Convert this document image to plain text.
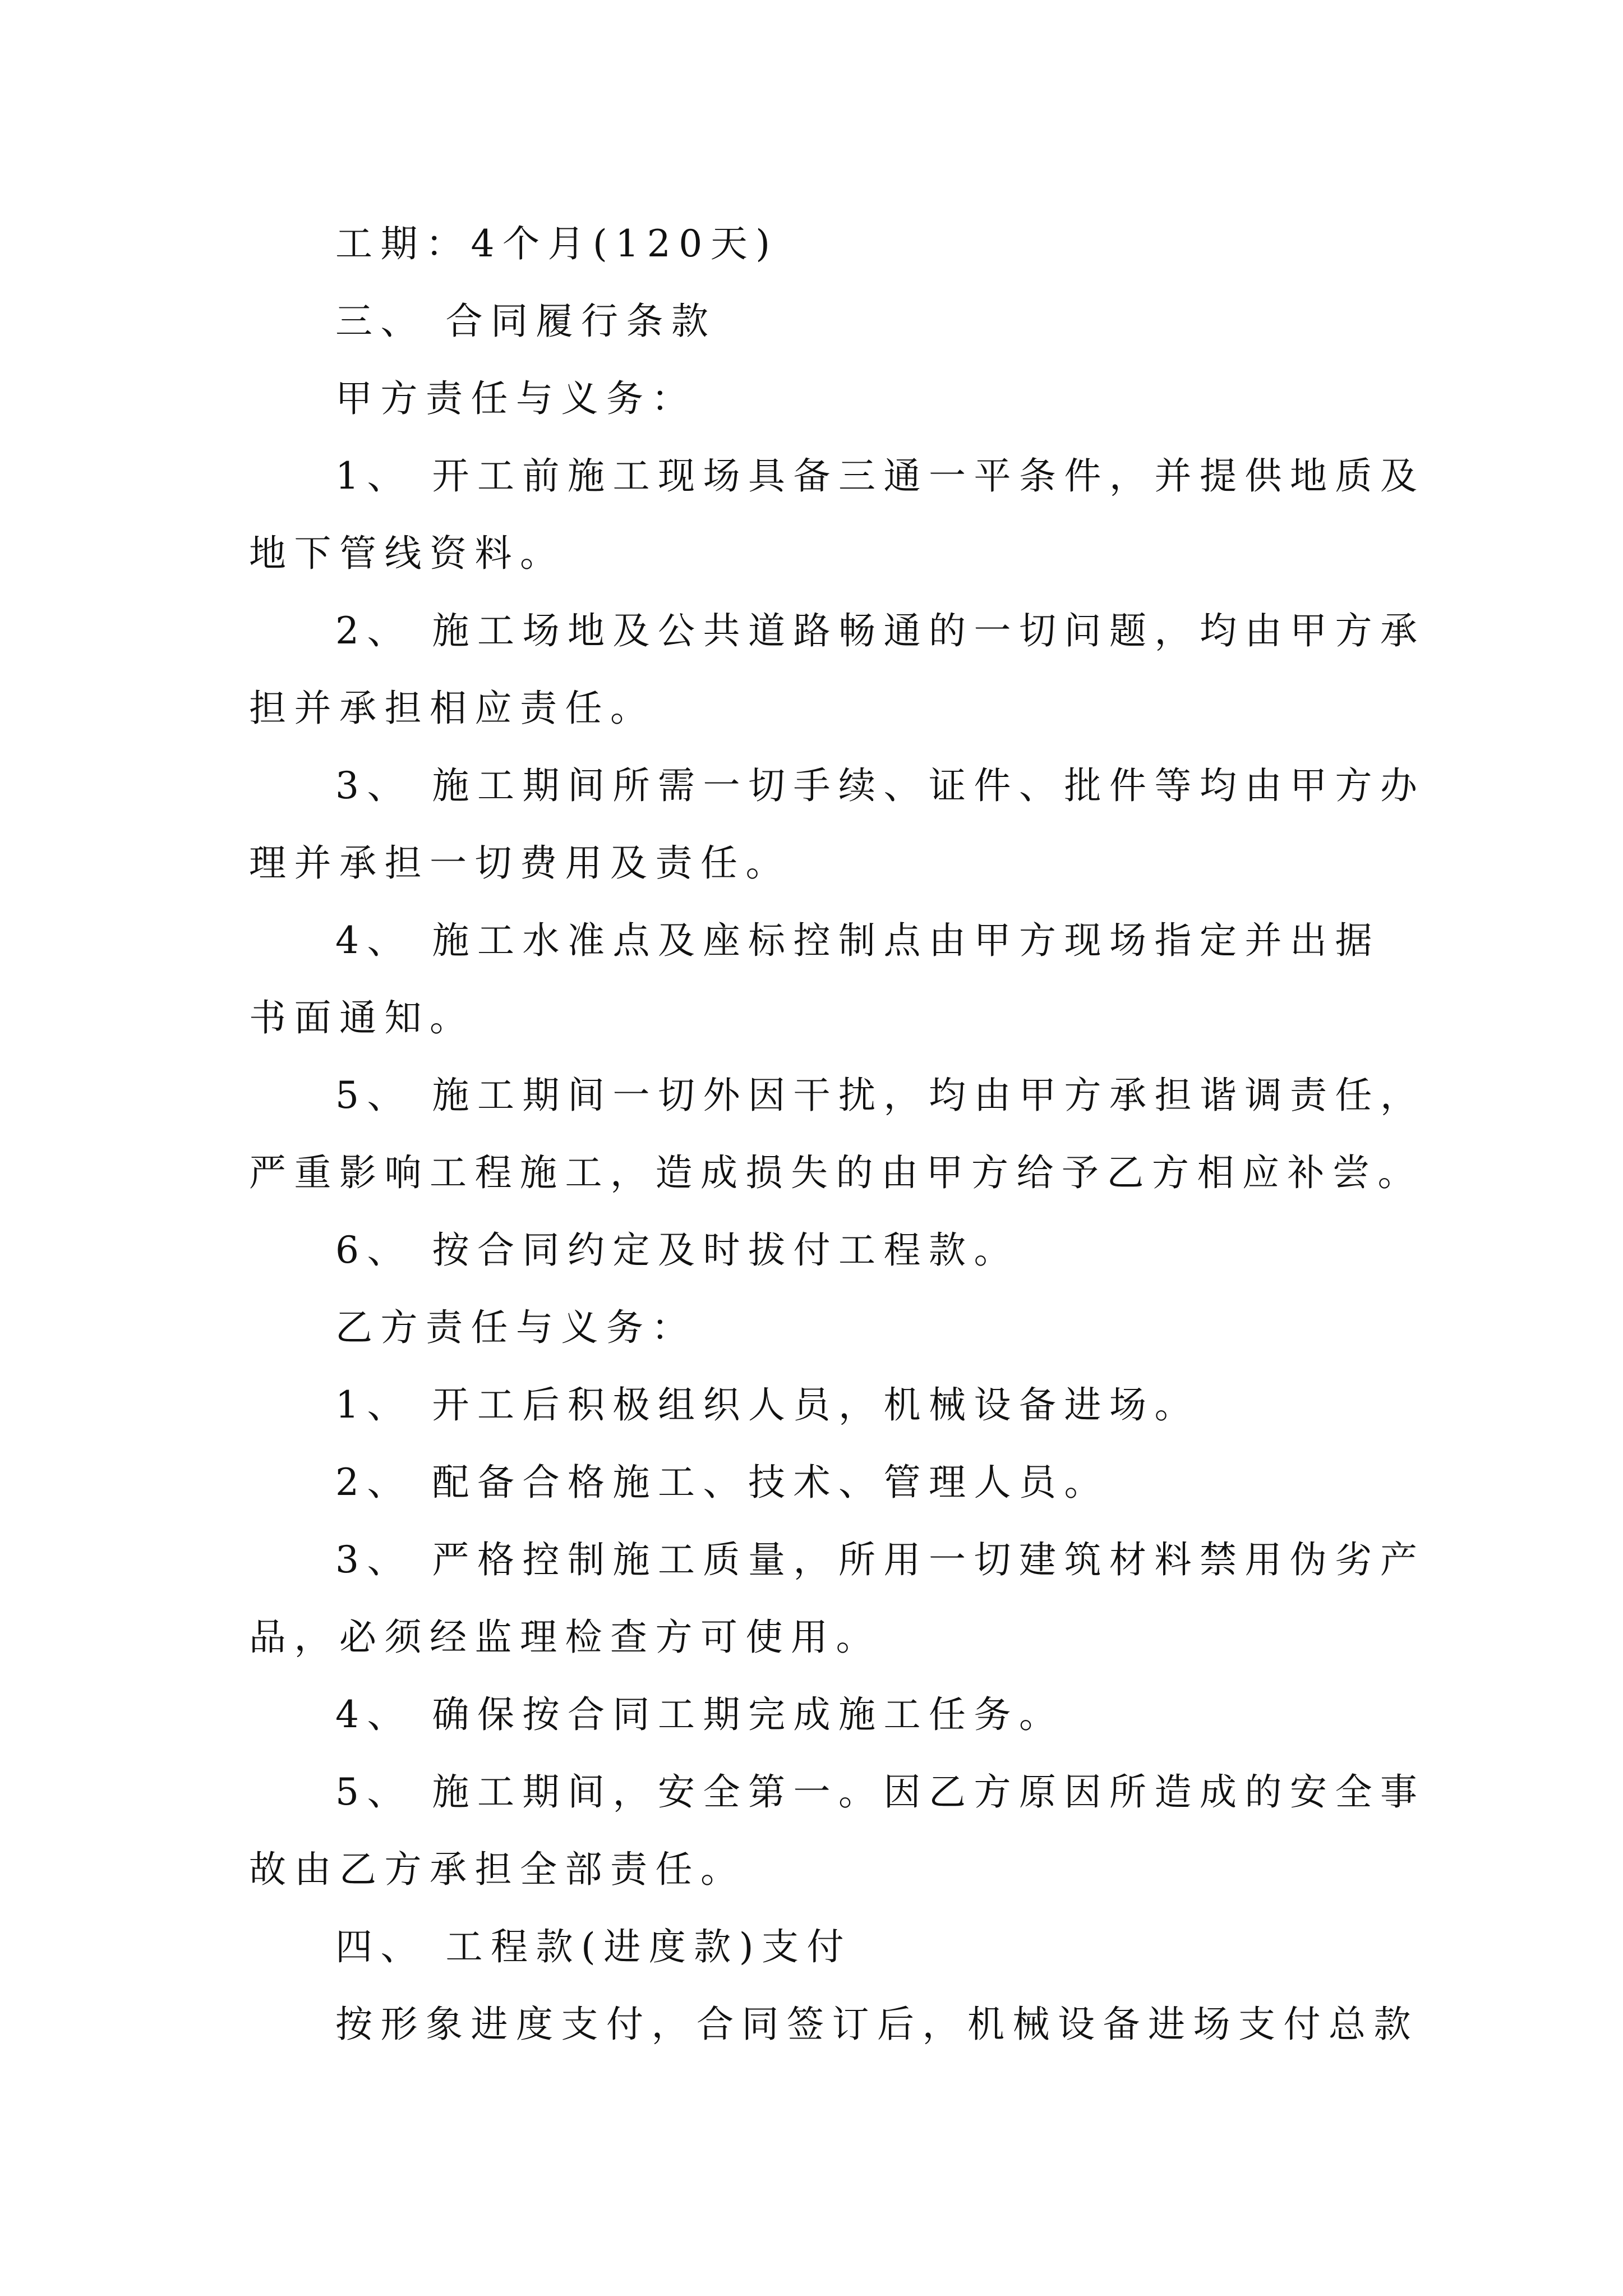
工期：4个月(120天)
三、 合同履行条款
甲方责任与义务：
1、 开工前施工现场具备三通一平条件，并提供地质及
地下管线资料。
2、 施工场地及公共道路畅通的一切问题，均由甲方承
担并承担相应责任。
3、 施工期间所需一切手续、证件、批件等均由甲方办
理并承担一切费用及责任。
4、 施工水准点及座标控制点由甲方现场指定并出据
书面通知。
5、 施工期间一切外因干扰，均由甲方承担谐调责任，
严重影响工程施工，造成损失的由甲方给予乙方相应补尝。
6、 按合同约定及时拔付工程款。
乙方责任与义务：
1、 开工后积极组织人员，机械设备进场。
2、 配备合格施工、技术、管理人员。
3、 严格控制施工质量，所用一切建筑材料禁用伪劣产
品，必须经监理检查方可使用。
4、 确保按合同工期完成施工任务。
5、 施工期间，安全第一。因乙方原因所造成的安全事
故由乙方承担全部责任。
四、 工程款(进度款)支付
按形象进度支付，合同签订后，机械设备进场支付总款
